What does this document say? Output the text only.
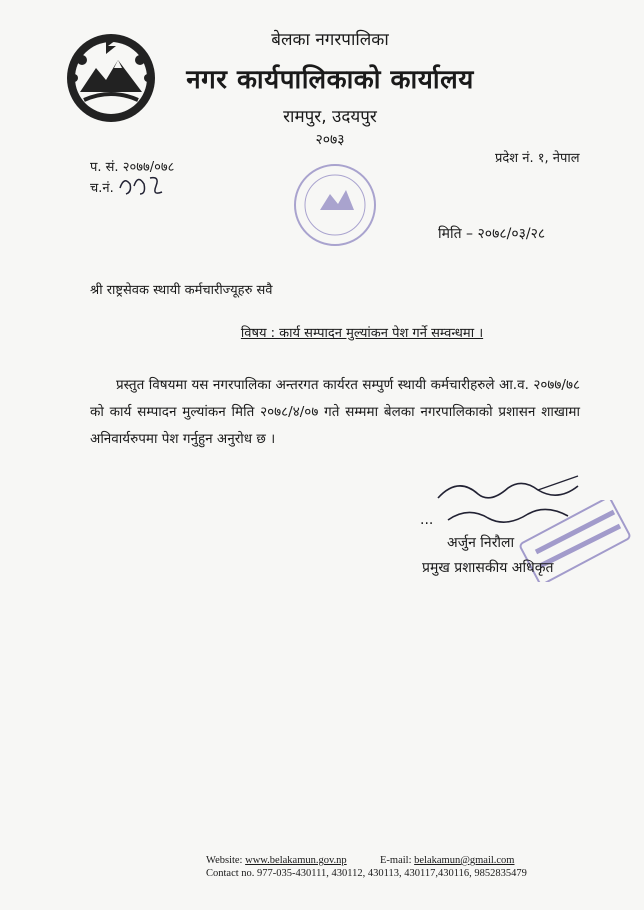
बेलका नगरपालिका
नगर कार्यपालिकाको कार्यालय
रामपुर, उदयपुर
२०७३
प. सं. २०७७/०७८
च.नं.
प्रदेश नं. १, नेपाल
मिति – २०७८/०३/२८
श्री राष्ट्रसेवक स्थायी कर्मचारीज्यूहरु सवै
विषय : कार्य सम्पादन मुल्यांकन पेश गर्ने सम्वन्धमा ।
प्रस्तुत विषयमा यस नगरपालिका अन्तरगत कार्यरत सम्पुर्ण स्थायी कर्मचारीहरुले आ.व. २०७७/७८ को कार्य सम्पादन मुल्यांकन मिति २०७८/४/०७ गते सम्ममा बेलका नगरपालिकाको प्रशासन शाखामा अनिवार्यरुपमा पेश गर्नुहुन अनुरोध छ ।
...
अर्जुन निरौला
प्रमुख प्रशासकीय अधिकृत
Website: www.belakamun.gov.np	E-mail: belakamun@gmail.com
Contact no. 977-035-430111, 430112, 430113, 430117,430116, 9852835479
